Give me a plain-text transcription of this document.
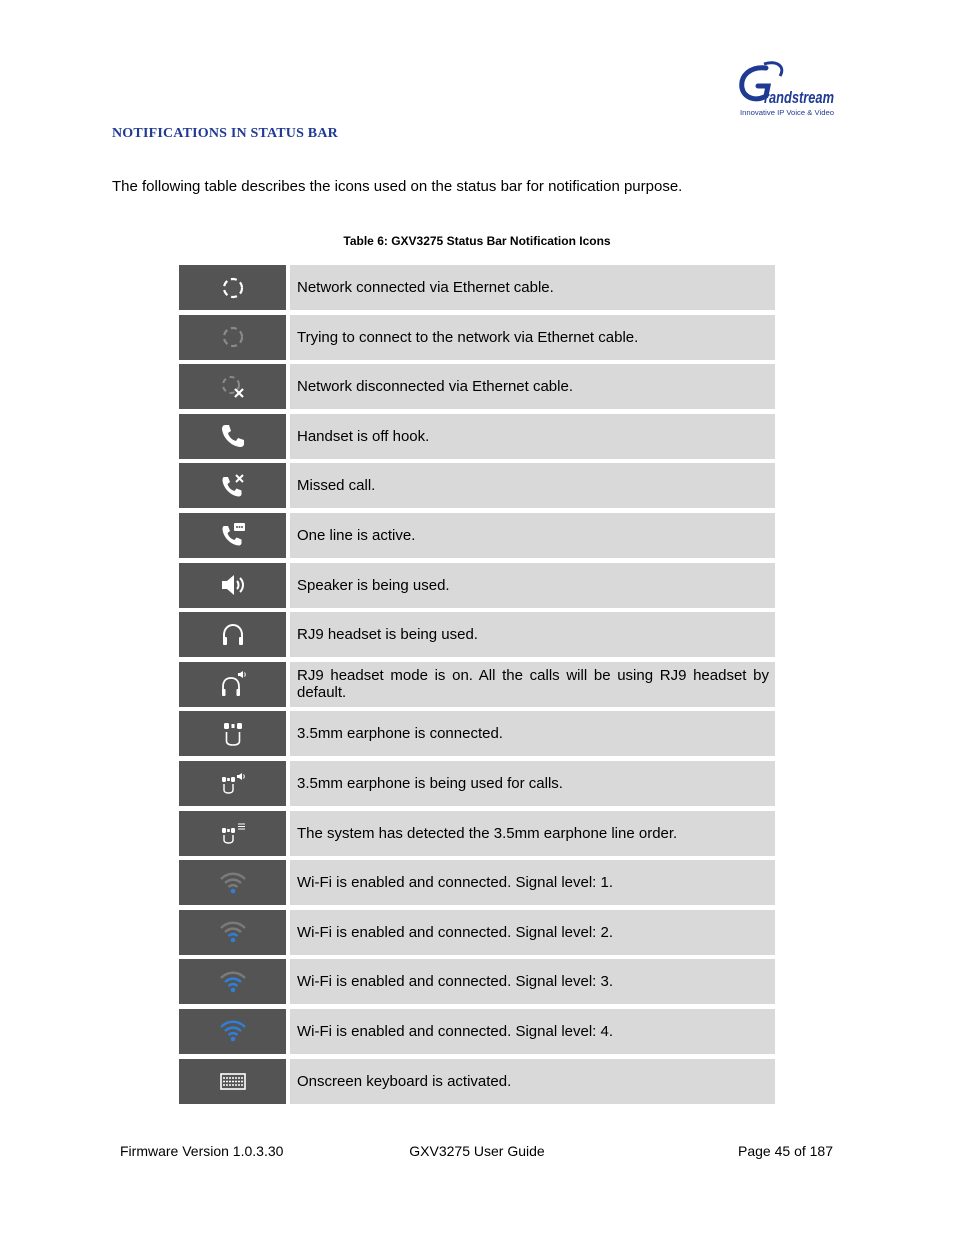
randstream
Innovative IP Voice & Video
NOTIFICATIONS IN STATUS BAR

The following table describes the icons used on the status bar for notification purpose.

Table 6: GXV3275 Status Bar Notification Icons

Network connected via Ethernet cable.
Trying to connect to the network via Ethernet cable.
Network disconnected via Ethernet cable.
Handset is off hook.
Missed call.
One line is active.
Speaker is being used.
RJ9 headset is being used.
RJ9 headset mode is on. All the calls will be using RJ9 headset by default.
3.5mm earphone is connected.
3.5mm earphone is being used for calls.
The system has detected the 3.5mm earphone line order.
Wi-Fi is enabled and connected. Signal level: 1.
Wi-Fi is enabled and connected. Signal level: 2.
Wi-Fi is enabled and connected. Signal level: 3.
Wi-Fi is enabled and connected. Signal level: 4.
Onscreen keyboard is activated.

Firmware Version 1.0.3.30	GXV3275 User Guide	Page 45 of 187
